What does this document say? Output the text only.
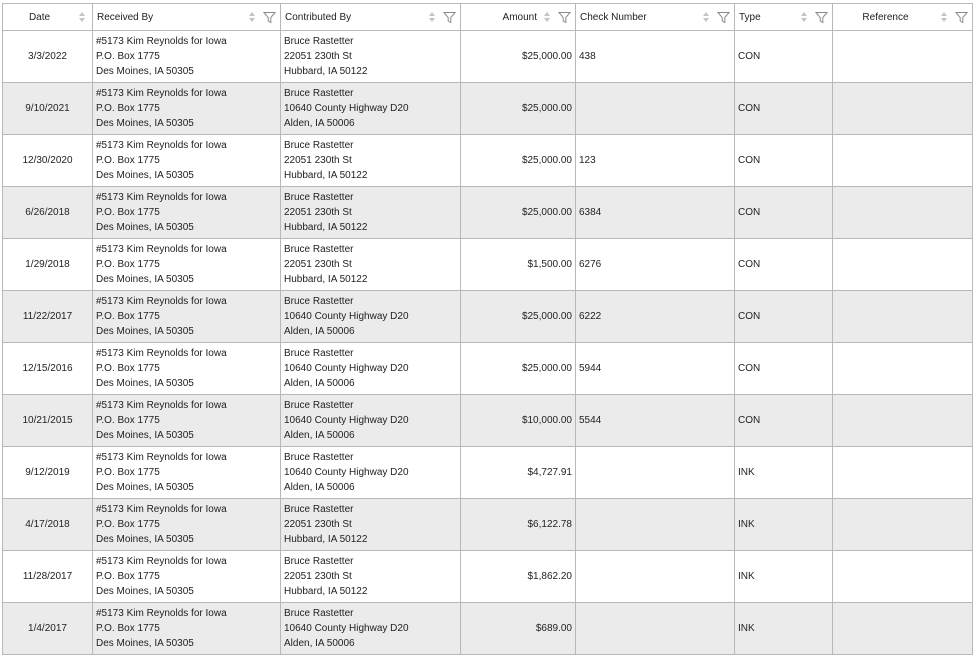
Date	Received By	Contributed By	Amount	Check Number	Type	Reference

3/3/2022	#5173 Kim Reynolds for Iowa
P.O. Box 1775
Des Moines, IA 50305	Bruce Rastetter
22051 230th St
Hubbard, IA 50122	$25,000.00	438	CON	
9/10/2021	#5173 Kim Reynolds for Iowa
P.O. Box 1775
Des Moines, IA 50305	Bruce Rastetter
10640 County Highway D20
Alden, IA 50006	$25,000.00		CON	
12/30/2020	#5173 Kim Reynolds for Iowa
P.O. Box 1775
Des Moines, IA 50305	Bruce Rastetter
22051 230th St
Hubbard, IA 50122	$25,000.00	123	CON	
6/26/2018	#5173 Kim Reynolds for Iowa
P.O. Box 1775
Des Moines, IA 50305	Bruce Rastetter
22051 230th St
Hubbard, IA 50122	$25,000.00	6384	CON	
1/29/2018	#5173 Kim Reynolds for Iowa
P.O. Box 1775
Des Moines, IA 50305	Bruce Rastetter
22051 230th St
Hubbard, IA 50122	$1,500.00	6276	CON	
11/22/2017	#5173 Kim Reynolds for Iowa
P.O. Box 1775
Des Moines, IA 50305	Bruce Rastetter
10640 County Highway D20
Alden, IA 50006	$25,000.00	6222	CON	
12/15/2016	#5173 Kim Reynolds for Iowa
P.O. Box 1775
Des Moines, IA 50305	Bruce Rastetter
10640 County Highway D20
Alden, IA 50006	$25,000.00	5944	CON	
10/21/2015	#5173 Kim Reynolds for Iowa
P.O. Box 1775
Des Moines, IA 50305	Bruce Rastetter
10640 County Highway D20
Alden, IA 50006	$10,000.00	5544	CON	
9/12/2019	#5173 Kim Reynolds for Iowa
P.O. Box 1775
Des Moines, IA 50305	Bruce Rastetter
10640 County Highway D20
Alden, IA 50006	$4,727.91		INK	
4/17/2018	#5173 Kim Reynolds for Iowa
P.O. Box 1775
Des Moines, IA 50305	Bruce Rastetter
22051 230th St
Hubbard, IA 50122	$6,122.78		INK	
11/28/2017	#5173 Kim Reynolds for Iowa
P.O. Box 1775
Des Moines, IA 50305	Bruce Rastetter
22051 230th St
Hubbard, IA 50122	$1,862.20		INK	
1/4/2017	#5173 Kim Reynolds for Iowa
P.O. Box 1775
Des Moines, IA 50305	Bruce Rastetter
10640 County Highway D20
Alden, IA 50006	$689.00		INK	
